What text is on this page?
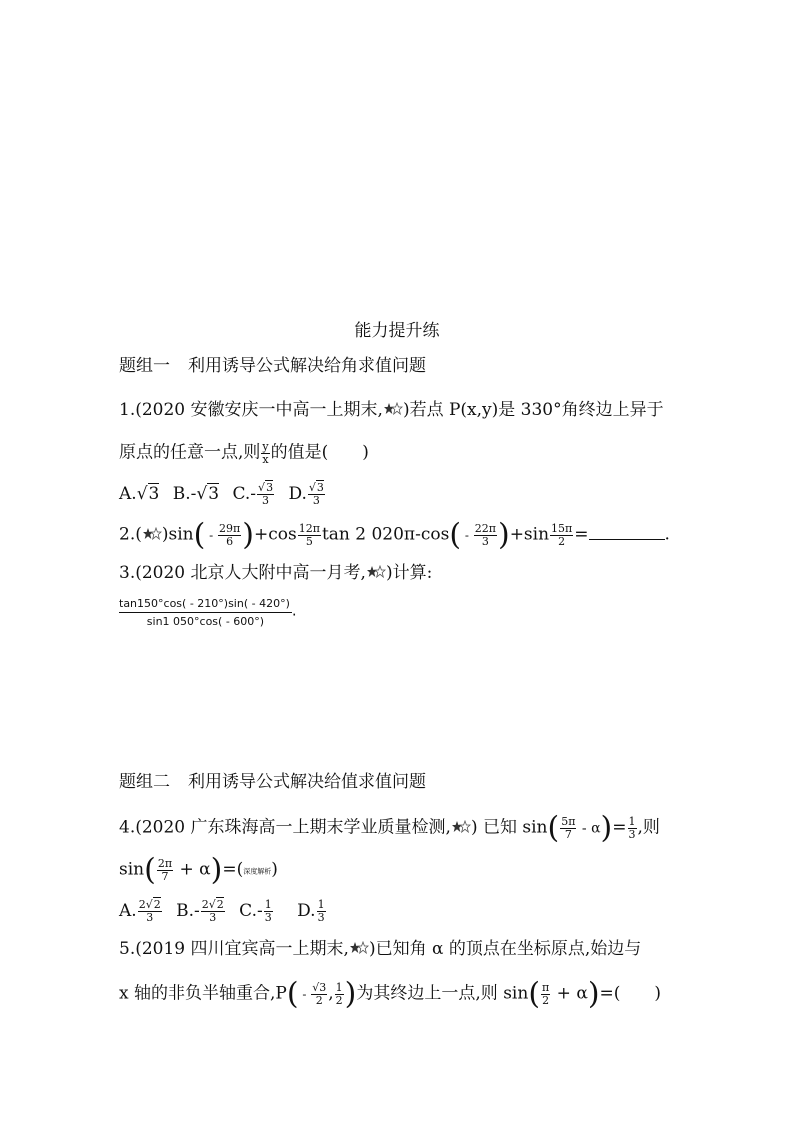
能力提升练
题组一 利用诱导公式解决给角求值问题
1.(2020 安徽安庆一中高一上期末, )若点 P(x,y)是 330°角终边上异于
原点的任意一点,则 $\frac{y}{x}$ 的值是(　　)
A.√3 B.-√3 $C.- \frac{√3}{3} D$. $\frac{√3}{3}$
2.( )$\sin( - \frac{29\pi}{6} )+\cos \frac{12\pi}{5}$ tan 2 $020\pi-\cos( - \frac{22\pi}{3} )+\sin \frac{15\pi}{2}$ =	.
3.(2020 北京人大附中高一月考, )计算:
$\frac{\tan 150^\circ\cos( - 210^\circ)\sin( - 420^\circ)}{\sin 1 050^\circ\cos( - 600^\circ)}$ .
题组二 利用诱导公式解决给值求值问题
4.(2020 广东珠海高一上期末学业质量检测, ) 已知 $\sin( \frac{5\pi}{7} - \alpha)= \frac{1}{3}$ ,则
$\sin( \frac{2\pi}{7} + \alpha)=$(深度解析)
A. $\frac{2√2}{3} B.- \frac{2√2}{3} C.- \frac{1}{3} D$. $\frac{1}{3}$
5.(2019 四川宜宾高一上期末, )已知角 α 的顶点在坐标原点,始边与
x 轴的非负半轴重合$,P( - \frac{√3}{2}$ , $\frac{1}{2}$ )为其终边上一点,则 $\sin( \frac{\pi}{2} + \alpha)=$(　　)
